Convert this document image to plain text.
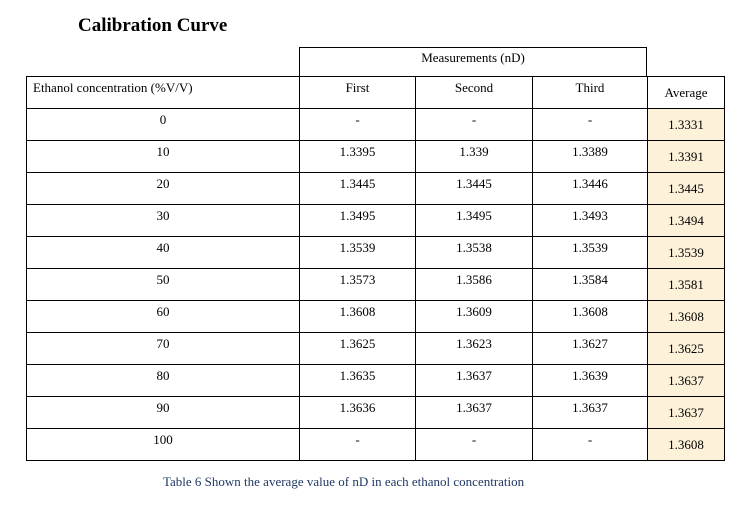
Calibration Curve
Measurements (nD)
Ethanol concentration (%V/V)	First	Second	Third	Average
0	-	-	-	1.3331
10	1.3395	1.339	1.3389	1.3391
20	1.3445	1.3445	1.3446	1.3445
30	1.3495	1.3495	1.3493	1.3494
40	1.3539	1.3538	1.3539	1.3539
50	1.3573	1.3586	1.3584	1.3581
60	1.3608	1.3609	1.3608	1.3608
70	1.3625	1.3623	1.3627	1.3625
80	1.3635	1.3637	1.3639	1.3637
90	1.3636	1.3637	1.3637	1.3637
100	-	-	-	1.3608
Table 6 Shown the average value of nD in each ethanol concentration
